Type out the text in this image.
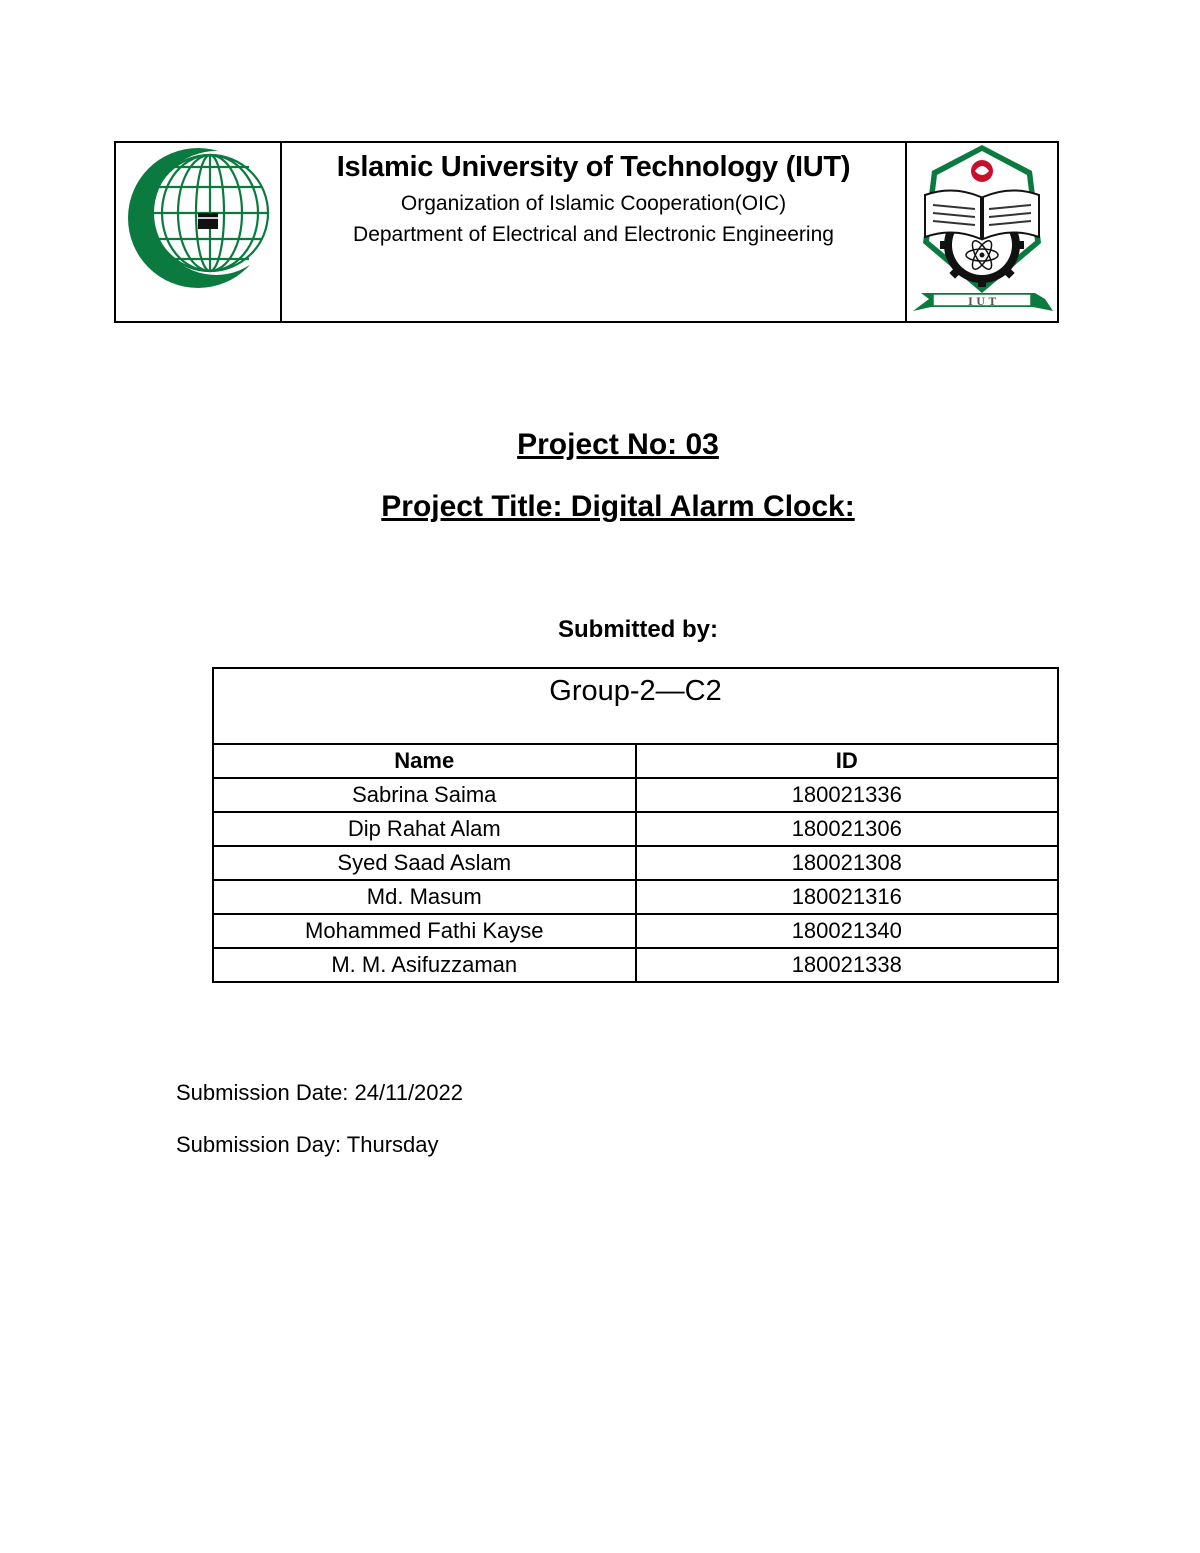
Islamic University of Technology (IUT)
Organization of Islamic Cooperation(OIC)
Department of Electrical and Electronic Engineering
I U T
Project No: 03
Project Title: Digital Alarm Clock:
Submitted by:
Group-2—C2	
Name	ID
Sabrina Saima	180021336
Dip Rahat Alam	180021306
Syed Saad Aslam	180021308
Md. Masum	180021316
Mohammed Fathi Kayse	180021340
M. M. Asifuzzaman	180021338
Submission Date: 24/11/2022
Submission Day: Thursday
